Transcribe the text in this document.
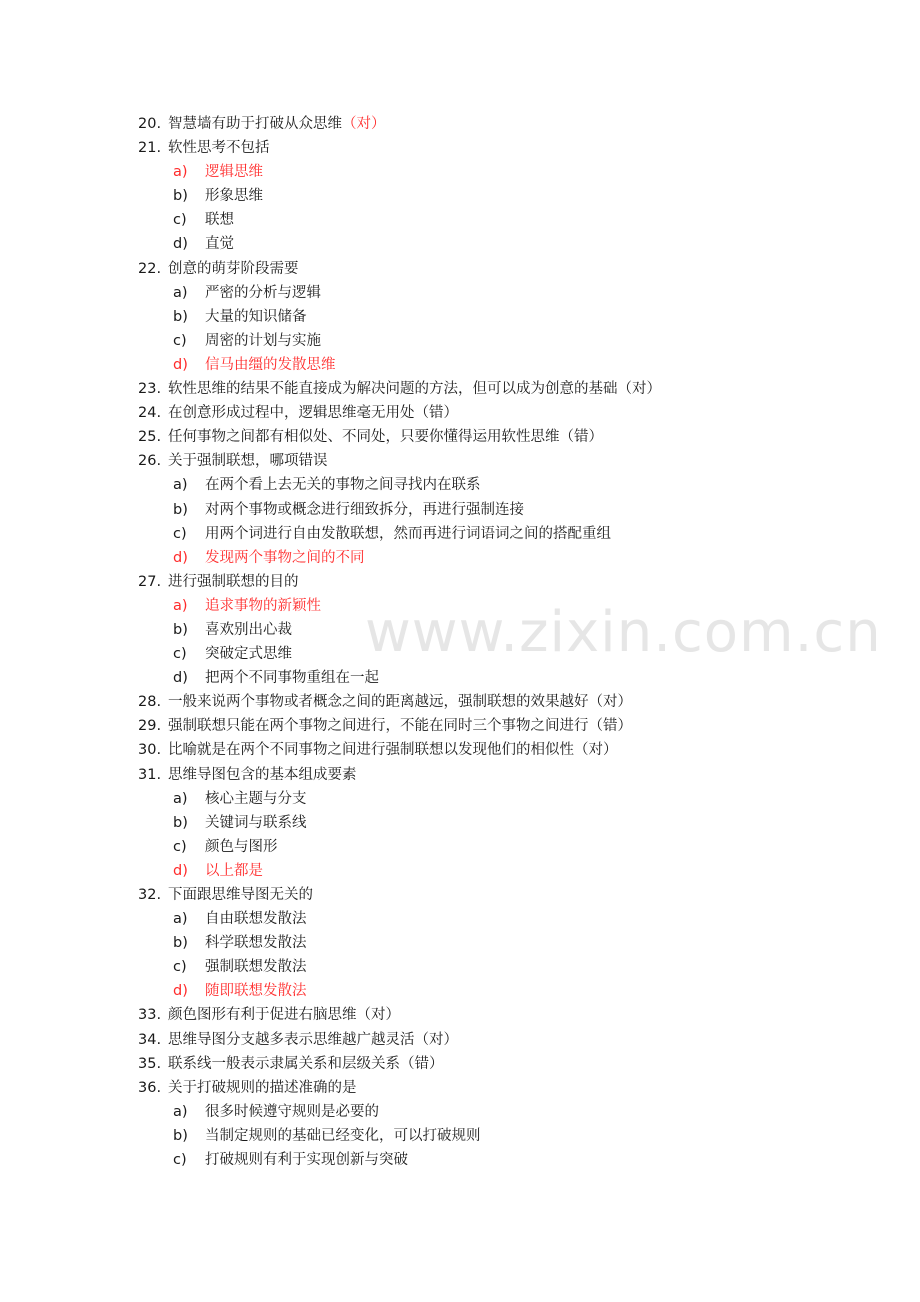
20. 智慧墙有助于打破从众思维（对）
21. 软性思考不包括
a) 逻辑思维
b) 形象思维
c) 联想
d) 直觉
22. 创意的萌芽阶段需要
a) 严密的分析与逻辑
b) 大量的知识储备
c) 周密的计划与实施
d) 信马由缰的发散思维
23. 软性思维的结果不能直接成为解决问题的方法，但可以成为创意的基础（对）
24. 在创意形成过程中，逻辑思维毫无用处（错）
25. 任何事物之间都有相似处、不同处，只要你懂得运用软性思维（错）
26. 关于强制联想，哪项错误
a) 在两个看上去无关的事物之间寻找内在联系
b) 对两个事物或概念进行细致拆分，再进行强制连接
c) 用两个词进行自由发散联想，然而再进行词语词之间的搭配重组
d) 发现两个事物之间的不同
27. 进行强制联想的目的
a) 追求事物的新颖性
b) 喜欢别出心裁
c) 突破定式思维
d) 把两个不同事物重组在一起
28. 一般来说两个事物或者概念之间的距离越远，强制联想的效果越好（对）
29. 强制联想只能在两个事物之间进行，不能在同时三个事物之间进行（错）
30. 比喻就是在两个不同事物之间进行强制联想以发现他们的相似性（对）
31. 思维导图包含的基本组成要素
a) 核心主题与分支
b) 关键词与联系线
c) 颜色与图形
d) 以上都是
32. 下面跟思维导图无关的
a) 自由联想发散法
b) 科学联想发散法
c) 强制联想发散法
d) 随即联想发散法
33. 颜色图形有利于促进右脑思维（对）
34. 思维导图分支越多表示思维越广越灵活（对）
35. 联系线一般表示隶属关系和层级关系（错）
36. 关于打破规则的描述准确的是
a) 很多时候遵守规则是必要的
b) 当制定规则的基础已经变化，可以打破规则
c) 打破规则有利于实现创新与突破
www.zixin.com.cn
